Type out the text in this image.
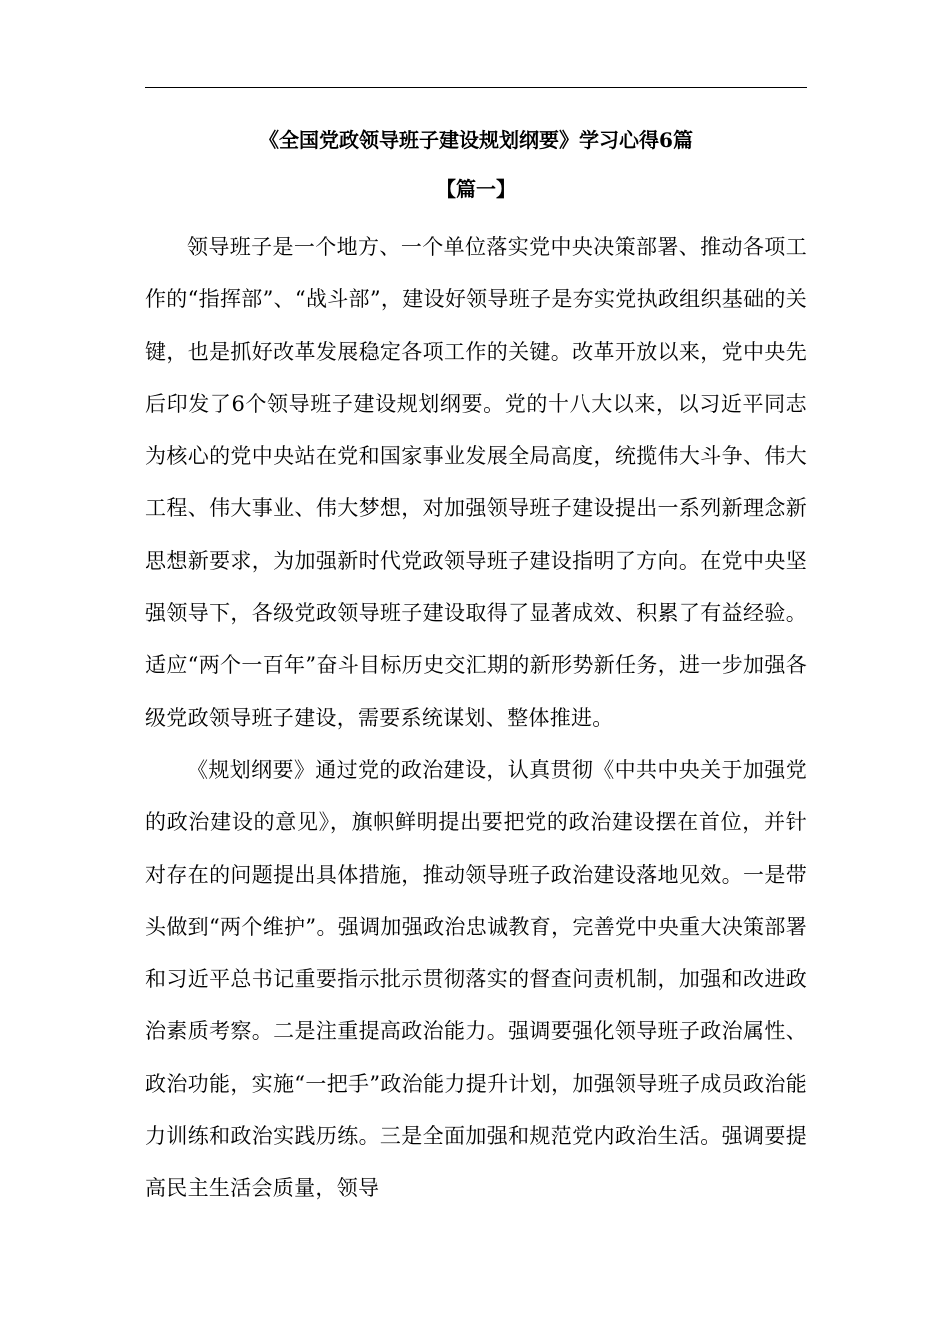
《全国党政领导班子建设规划纲要》学习心得6篇
【篇一】

领导班子是一个地方、一个单位落实党中央决策部署、推动各项工作的“指挥部”、“战斗部”，建设好领导班子是夯实党执政组织基础的关键，也是抓好改革发展稳定各项工作的关键。改革开放以来，党中央先后印发了6个领导班子建设规划纲要。党的十八大以来，以习近平同志为核心的党中央站在党和国家事业发展全局高度，统揽伟大斗争、伟大工程、伟大事业、伟大梦想，对加强领导班子建设提出一系列新理念新思想新要求，为加强新时代党政领导班子建设指明了方向。在党中央坚强领导下，各级党政领导班子建设取得了显著成效、积累了有益经验。适应“两个一百年”奋斗目标历史交汇期的新形势新任务，进一步加强各级党政领导班子建设，需要系统谋划、整体推进。

《规划纲要》通过党的政治建设，认真贯彻《中共中央关于加强党的政治建设的意见》，旗帜鲜明提出要把党的政治建设摆在首位，并针对存在的问题提出具体措施，推动领导班子政治建设落地见效。一是带头做到“两个维护”。强调加强政治忠诚教育，完善党中央重大决策部署和习近平总书记重要指示批示贯彻落实的督查问责机制，加强和改进政治素质考察。二是注重提高政治能力。强调要强化领导班子政治属性、政治功能，实施“一把手”政治能力提升计划，加强领导班子成员政治能力训练和政治实践历练。三是全面加强和规范党内政治生活。强调要提高民主生活会质量，领导
